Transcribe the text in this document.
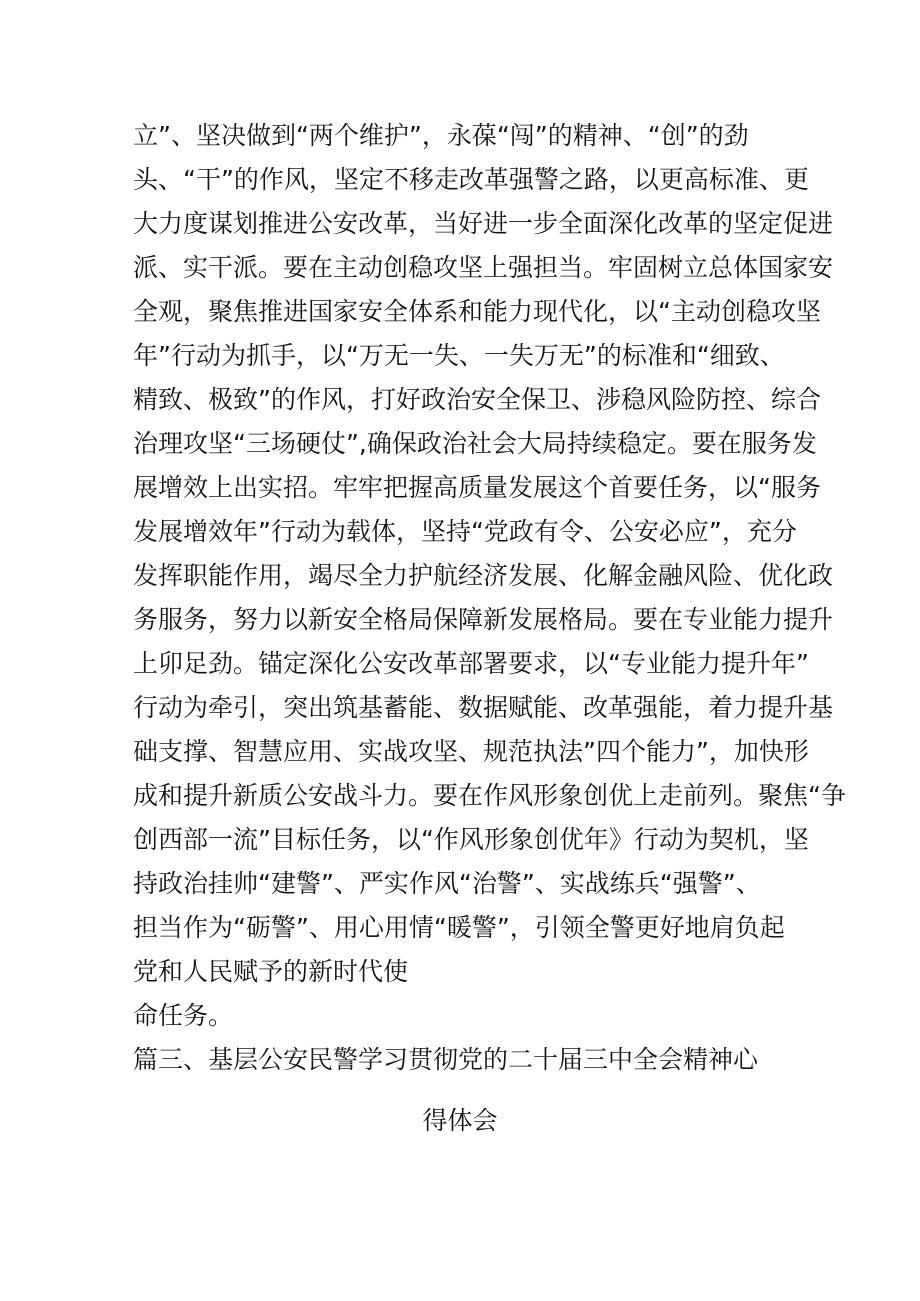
立”、坚决做到“两个维护”，永葆“闯”的精神、“创”的劲
头、“干”的作风，坚定不移走改革强警之路，以更高标准、更
大力度谋划推进公安改革，当好进一步全面深化改革的坚定促进
派、实干派。要在主动创稳攻坚上强担当。牢固树立总体国家安
全观，聚焦推进国家安全体系和能力现代化，以“主动创稳攻坚
年”行动为抓手，以“万无一失、一失万无”的标准和“细致、
精致、极致”的作风，打好政治安全保卫、涉稳风险防控、综合
治理攻坚“三场硬仗”,确保政治社会大局持续稳定。要在服务发
展增效上出实招。牢牢把握高质量发展这个首要任务，以“服务
发展增效年”行动为载体，坚持“党政有令、公安必应”，充分
发挥职能作用，竭尽全力护航经济发展、化解金融风险、优化政
务服务，努力以新安全格局保障新发展格局。要在专业能力提升
上卯足劲。锚定深化公安改革部署要求，以“专业能力提升年”
行动为牵引，突出筑基蓄能、数据赋能、改革强能，着力提升基
础支撑、智慧应用、实战攻坚、规范执法”四个能力”，加快形
成和提升新质公安战斗力。要在作风形象创优上走前列。聚焦“争
创西部一流”目标任务，以“作风形象创优年》行动为契机，坚
持政治挂帅“建警”、严实作风“治警”、实战练兵“强警”、
担当作为“砺警”、用心用情“暖警”，引领全警更好地肩负起
党和人民赋予的新时代使
命任务。
篇三、基层公安民警学习贯彻党的二十届三中全会精神心
得体会
